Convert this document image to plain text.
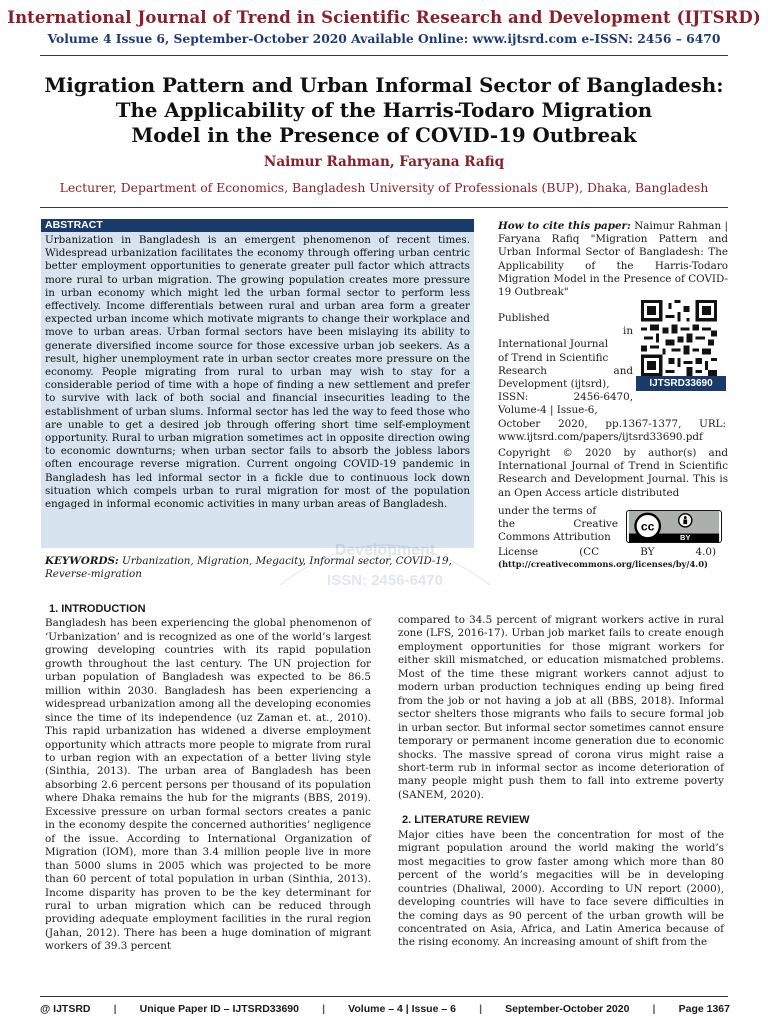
International Journal of Trend in Scientific Research and Development (IJTSRD)
Volume 4 Issue 6, September-October 2020 Available Online: www.ijtsrd.com e-ISSN: 2456 – 6470
Migration Pattern and Urban Informal Sector of Bangladesh:
The Applicability of the Harris-Todaro Migration
Model in the Presence of COVID-19 Outbreak
Naimur Rahman, Faryana Rafiq
Lecturer, Department of Economics, Bangladesh University of Professionals (BUP), Dhaka, Bangladesh
ABSTRACT
Urbanization in Bangladesh is an emergent phenomenon of recent times. Widespread urbanization facilitates the economy through offering urban centric better employment opportunities to generate greater pull factor which attracts more rural to urban migration. The growing population creates more pressure in urban economy which might led the urban formal sector to perform less effectively. Income differentials between rural and urban area form a greater expected urban income which motivate migrants to change their workplace and move to urban areas. Urban formal sectors have been mislaying its ability to generate diversified income source for those excessive urban job seekers. As a result, higher unemployment rate in urban sector creates more pressure on the economy. People migrating from rural to urban may wish to stay for a considerable period of time with a hope of finding a new settlement and prefer to survive with lack of both social and financial insecurities leading to the establishment of urban slums. Informal sector has led the way to feed those who are unable to get a desired job through offering short time self-employment opportunity. Rural to urban migration sometimes act in opposite direction owing to economic downturns; when urban sector fails to absorb the jobless labors often encourage reverse migration. Current ongoing COVID-19 pandemic in Bangladesh has led informal sector in a fickle due to continuous lock down situation which compels urban to rural migration for most of the population engaged in informal economic activities in many urban areas of Bangladesh.
Development
ISSN: 2456-6470
KEYWORDS: Urbanization, Migration, Megacity, Informal sector, COVID-19, Reverse-migration
How to cite this paper: Naimur Rahman | Faryana Rafiq "Migration Pattern and Urban Informal Sector of Bangladesh: The Applicability of the Harris-Todaro Migration Model in the Presence of COVID-19 Outbreak"
Published
in
International Journal
of Trend in Scientific
Research	and
Development (ijtsrd),
ISSN:	2456-6470,
Volume-4 | Issue-6,
October 2020, pp.1367-1377, URL: www.ijtsrd.com/papers/ijtsrd33690.pdf
IJTSRD33690
Copyright © 2020 by author(s) and International Journal of Trend in Scientific Research and Development Journal. This is an Open Access article distributed
under the terms of
the	Creative
Commons Attribution
License	(CC	BY	4.0)
cc
BY
(http://creativecommons.org/licenses/by/4.0)
1. INTRODUCTION

Bangladesh has been experiencing the global phenomenon of ‘Urbanization’ and is recognized as one of the world’s largest growing developing countries with its rapid population growth throughout the last century. The UN projection for urban population of Bangladesh was expected to be 86.5 million within 2030. Bangladesh has been experiencing a widespread urbanization among all the developing economies since the time of its independence (uz Zaman et. at., 2010). This rapid urbanization has widened a diverse employment opportunity which attracts more people to migrate from rural to urban region with an expectation of a better living style (Sinthia, 2013). The urban area of Bangladesh has been absorbing 2.6 percent persons per thousand of its population where Dhaka remains the hub for the migrants (BBS, 2019). Excessive pressure on urban formal sectors creates a panic in the economy despite the concerned authorities’ negligence of the issue. According to International Organization of Migration (IOM), more than 3.4 million people live in more than 5000 slums in 2005 which was projected to be more than 60 percent of total population in urban (Sinthia, 2013). Income disparity has proven to be the key determinant for rural to urban migration which can be reduced through providing adequate employment facilities in the rural region (Jahan, 2012). There has been a huge domination of migrant workers of 39.3 percent

compared to 34.5 percent of migrant workers active in rural zone (LFS, 2016-17). Urban job market fails to create enough employment opportunities for those migrant workers for either skill mismatched, or education mismatched problems. Most of the time these migrant workers cannot adjust to modern urban production techniques ending up being fired from the job or not having a job at all (BBS, 2018). Informal sector shelters those migrants who fails to secure formal job in urban sector. But informal sector sometimes cannot ensure temporary or permanent income generation due to economic shocks. The massive spread of corona virus might raise a short-term rub in informal sector as income deterioration of many people might push them to fall into extreme poverty (SANEM, 2020).

2. LITERATURE REVIEW

Major cities have been the concentration for most of the migrant population around the world making the world’s most megacities to grow faster among which more than 80 percent of the world’s megacities will be in developing countries (Dhaliwal, 2000). According to UN report (2000), developing countries will have to face severe difficulties in the coming days as 90 percent of the urban growth will be concentrated on Asia, Africa, and Latin America because of the rising economy. An increasing amount of shift from the

@ IJTSRD | Unique Paper ID – IJTSRD33690 | Volume – 4 | Issue – 6 | September-October 2020 | Page 1367
